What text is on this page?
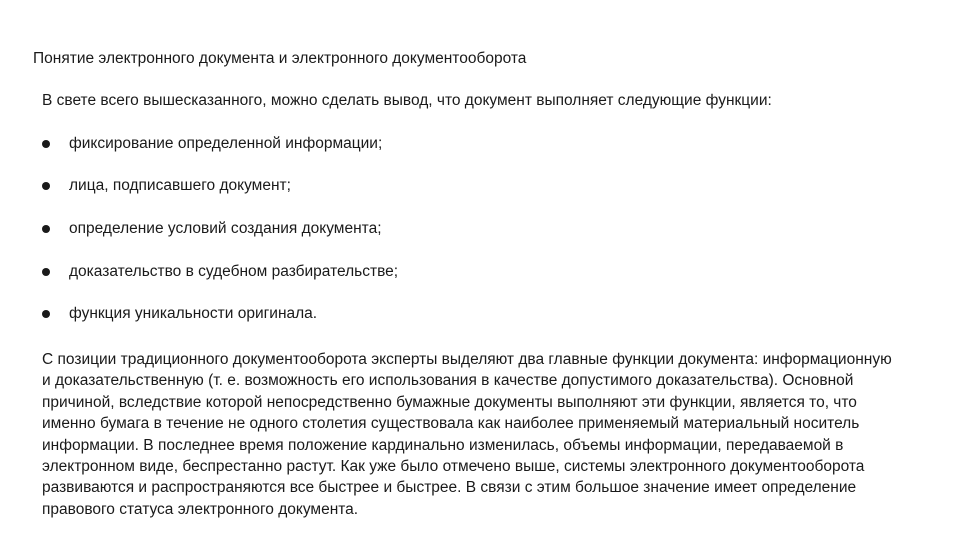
Понятие электронного документа и электронного документооборота
В свете всего вышесказанного, можно сделать вывод, что документ выполняет следующие функции:
фиксирование определенной информации;
лица, подписавшего документ;
определение условий создания документа;
доказательство в судебном разбирательстве;
функция уникальности оригинала.
С позиции традиционного документооборота эксперты выделяют два главные функции документа: информационную
и доказательственную (т. е. возможность его использования в качестве допустимого доказательства). Основной
причиной, вследствие которой непосредственно бумажные документы выполняют эти функции, является то, что
именно бумага в течение не одного столетия существовала как наиболее применяемый материальный носитель
информации. В последнее время положение кардинально изменилась, объемы информации, передаваемой в
электронном виде, беспрестанно растут. Как уже было отмечено выше, системы электронного документооборота
развиваются и распространяются все быстрее и быстрее. В связи с этим большое значение имеет определение
правового статуса электронного документа.
